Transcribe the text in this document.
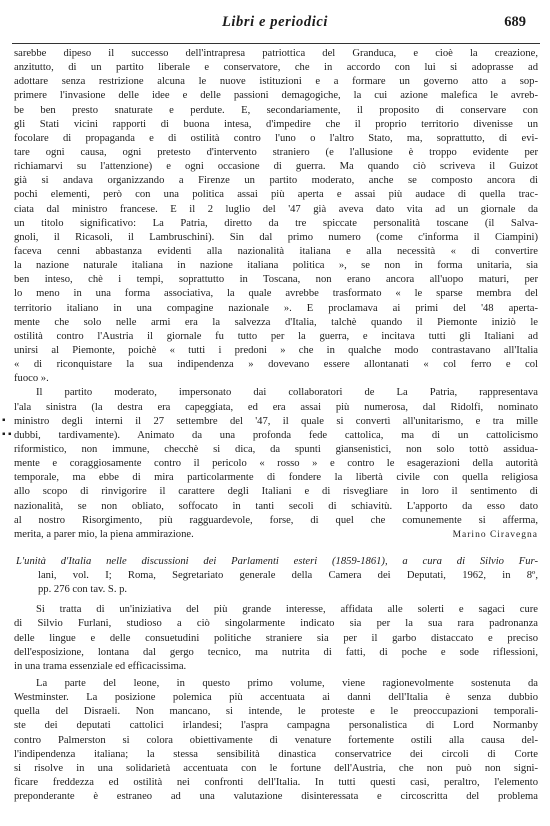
Libri e periodici	689
sarebbe dipeso il successo dell'intrapresa patriottica del Granduca, e cioè la creazione,
anzitutto, di un partito liberale e conservatore, che in accordo con lui si adoprasse ad
adottare senza restrizione alcuna le nuove istituzioni e a formare un governo atto a sop-
primere l'invasione delle idee e delle passioni demagogiche, la cui azione malefica le avreb-
be ben presto snaturate e perdute. E, secondariamente, il proposito di conservare con
gli Stati vicini rapporti di buona intesa, d'impedire che il proprio territorio divenisse un
focolare di propaganda e di ostilità contro l'uno o l'altro Stato, ma, soprattutto, di evi-
tare ogni causa, ogni pretesto d'intervento straniero (e l'allusione è troppo evidente per
richiamarvi su l'attenzione) e ogni occasione di guerra. Ma quando ciò scriveva il Guizot
già si andava organizzando a Firenze un partito moderato, anche se composto ancora di
pochi elementi, però con una politica assai più aperta e assai più audace di quella trac-
ciata dal ministro francese. E il 2 luglio del '47 già aveva dato vita ad un giornale da
un titolo significativo: La Patria, diretto da tre spiccate personalità toscane (il Salva-
gnoli, il Ricasoli, il Lambruschini). Sin dal primo numero (come c'informa il Ciampini)
faceva cenni abbastanza evidenti alla nazionalità italiana e alla necessità « di convertire
la nazione naturale italiana in nazione italiana politica », se non in forma unitaria, sia
ben inteso, chè i tempi, soprattutto in Toscana, non erano ancora all'uopo maturi, per
lo meno in una forma associativa, la quale avrebbe trasformato « le sparse membra del
territorio italiano in una compagine nazionale ». E proclamava ai primi del '48 apertа-
mente che solo nelle armi era la salvezza d'Italia, talchè quando il Piemonte iniziò le
ostilità contro l'Austria il giornale fu tutto per la guerra, e incitava tutti gli Italiani ad
unirsi al Piemonte, poichè « tutti i predoni » che in qualche modo contrastavano all'Italia
« di riconquistare la sua indipendenza » dovevano essere allontanati « col ferro e col
fuoco ».
▪
▪ ▪
Il partito moderato, impersonato dai collaboratori de La Patria, rappresentava
l'ala sinistra (la destra era capeggiata, ed era assai più numerosa, dal Ridolfi, nominato
ministro degli interni il 27 settembre del '47, il quale si convertì all'unitarismo, e tra mille
dubbi, tardivamente). Animato da una profonda fede cattolica, ma di un cattolicismo
riformistico, non immune, checchè si dica, da spunti giansenistici, non solo tottò assidua-
mente e coraggiosamente contro il pericolo « rosso » e contro le esagerazioni della autorità
temporale, ma ebbe di mira particolarmente di fondere la libertà civile con quella religiosa
allo scopo di rinvigorire il carattere degli Italiani e di risvegliare in loro il sentimento di
nazionalità, se non obliato, soffocato in tanti secoli di schiavitù. L'apporto da esso dato
al nostro Risorgimento, più ragguardevole, forse, di quel che comunemente si afferma,
merita, a parer mio, la piena ammirazione.	Marino Ciravegna
L'unità d'Italia nelle discussioni dei Parlamenti esteri (1859-1861), a cura di Silvio Fur-
lani, vol. I; Roma, Segretariato generale della Camera dei Deputati, 1962, in 8º,
pp. 276 con tav. S. p.
Si tratta di un'iniziativa del più grande interesse, affidata alle solerti e sagaci cure
di Silvio Furlani, studioso a ciò singolarmente indicato sia per la sua rara padronanza
delle lingue e delle consuetudini politiche straniere sia per il garbo distaccato e preciso
dell'esposizione, lontana dal gergo tecnico, ma nutrita di fatti, di poche e sode riflessioni,
in una trama essenziale ed efficacissima.
La parte del leone, in questo primo volume, viene ragionevolmente sostenuta da
Westminster. La posizione polemica più accentuata ai danni dell'Italia è senza dubbio
quella del Disraeli. Non mancano, si intende, le proteste e le preoccupazioni temporali-
ste dei deputati cattolici irlandesi; l'aspra campagna personalistica di Lord Normanby
contro Palmerston si colora obiettivamente di venature fortemente ostili alla causa del-
l'indipendenza italiana; la stessa sensibilità dinastica conservatrice dei circoli di Corte
si risolve in una solidarietà accentuata con le fortune dell'Austria, che non può non signi-
ficare freddezza ed ostilità nei confronti dell'Italia. In tutti questi casi, peraltro, l'elemento
preponderante è estraneo ad una valutazione disinteressata e circoscritta del problema
